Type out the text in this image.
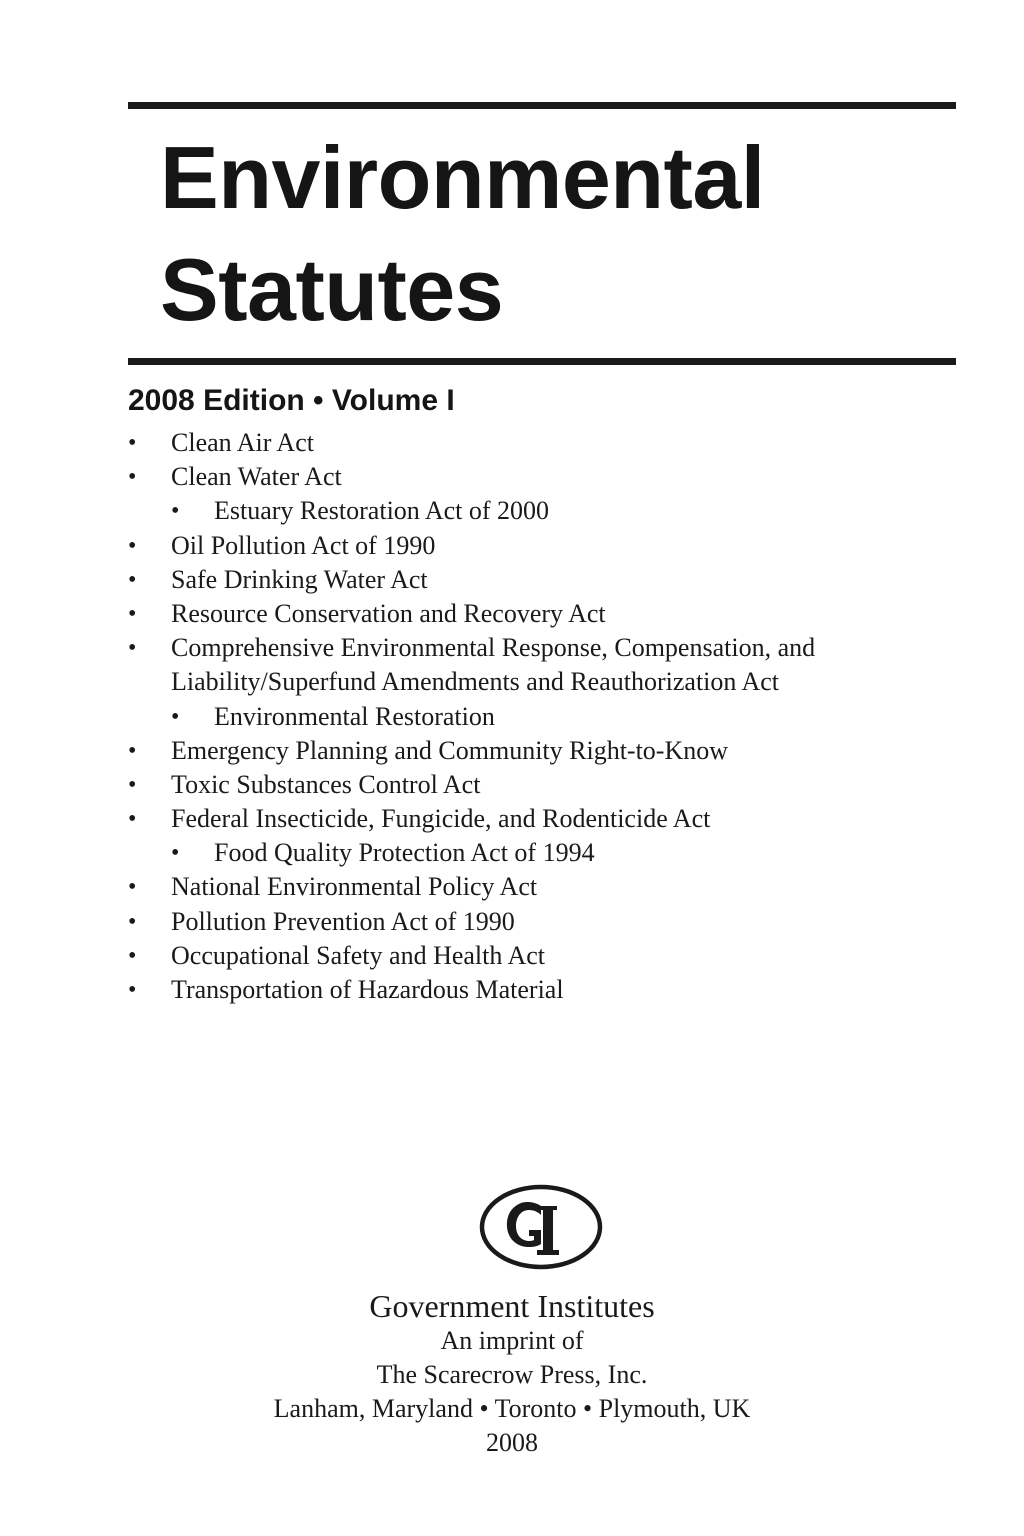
Environmental
Statutes
2008 Edition • Volume I
• Clean Air Act
• Clean Water Act
• Estuary Restoration Act of 2000
• Oil Pollution Act of 1990
• Safe Drinking Water Act
• Resource Conservation and Recovery Act
• Comprehensive Environmental Response, Compensation, and
Liability/Superfund Amendments and Reauthorization Act
• Environmental Restoration
• Emergency Planning and Community Right-to-Know
• Toxic Substances Control Act
• Federal Insecticide, Fungicide, and Rodenticide Act
• Food Quality Protection Act of 1994
• National Environmental Policy Act
• Pollution Prevention Act of 1990
• Occupational Safety and Health Act
• Transportation of Hazardous Material
Government Institutes
An imprint of
The Scarecrow Press, Inc.
Lanham, Maryland • Toronto • Plymouth, UK
2008
